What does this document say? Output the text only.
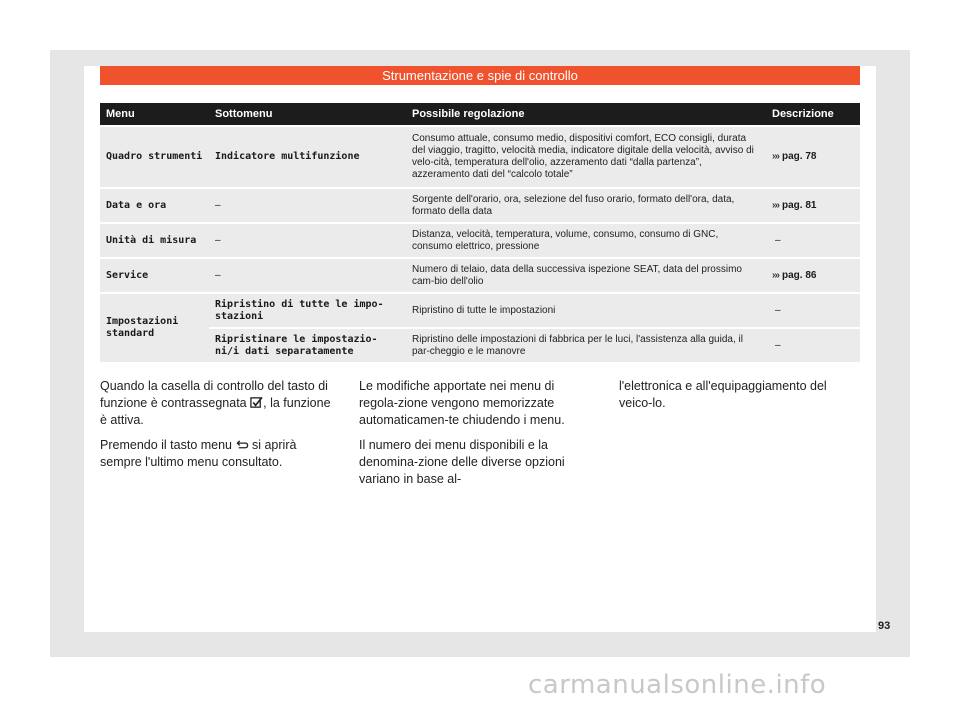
Strumentazione e spie di controllo
Menu	Sottomenu	Possibile regolazione	Descrizione
Quadro strumenti	Indicatore multifunzione	Consumo attuale, consumo medio, dispositivi comfort, ECO consigli, durata del viaggio, tragitto, velocità media, indicatore digitale della velocità, avviso di velo-cità, temperatura dell'olio, azzeramento dati “dalla partenza”, azzeramento dati del “calcolo totale”	››› pag. 78
Data e ora	–	Sorgente dell'orario, ora, selezione del fuso orario, formato dell'ora, data, formato della data	››› pag. 81
Unità di misura	–	Distanza, velocità, temperatura, volume, consumo, consumo di GNC, consumo elettrico, pressione	–
Service	–	Numero di telaio, data della successiva ispezione SEAT, data del prossimo cam-bio dell'olio	››› pag. 86
Impostazioni standard	Ripristino di tutte le impo-stazioni	Ripristino di tutte le impostazioni	–
	Ripristinare le impostazio-ni/i dati separatamente	Ripristino delle impostazioni di fabbrica per le luci, l'assistenza alla guida, il par-cheggio e le manovre	–

Quando la casella di controllo del tasto di funzione è contrassegnata , la funzione è attiva.

Premendo il tasto menu si aprirà sempre l'ultimo menu consultato.

Le modifiche apportate nei menu di regola-zione vengono memorizzate automaticamen-te chiudendo i menu.

Il numero dei menu disponibili e la denomina-zione delle diverse opzioni variano in base al-

l'elettronica e all'equipaggiamento del veico-lo.

93
carmanualsonline.info
